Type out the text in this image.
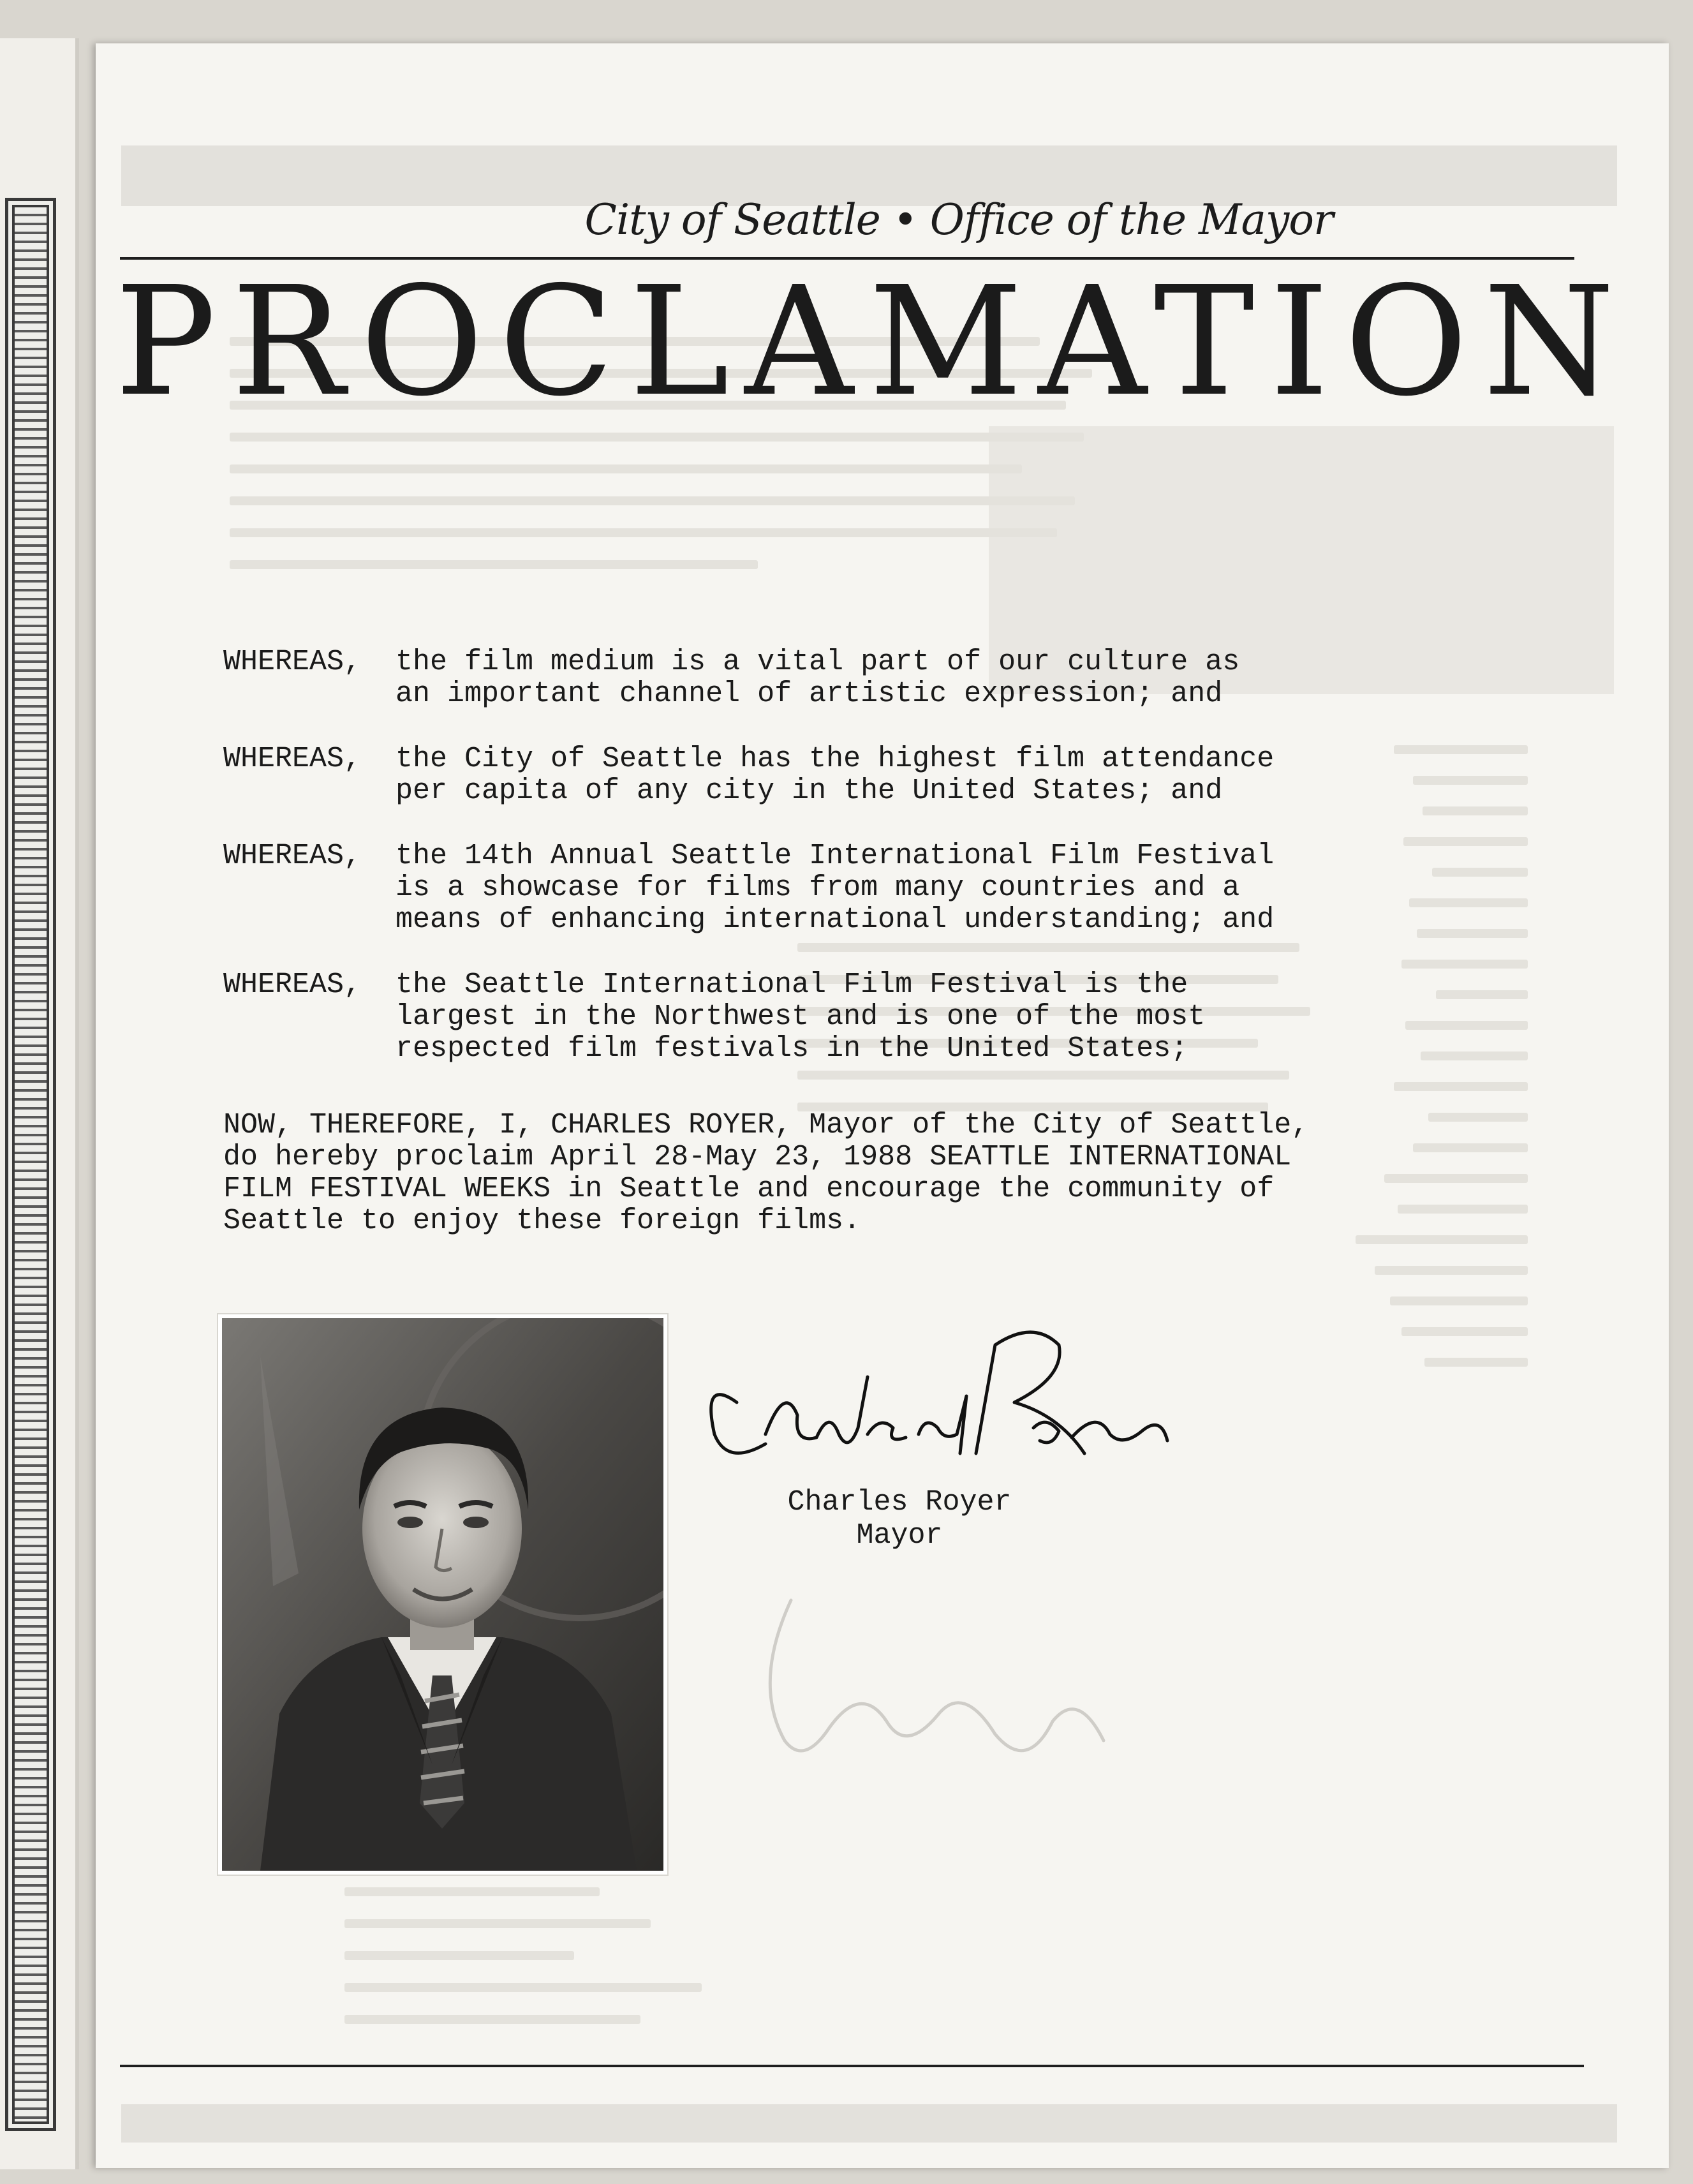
City of Seattle • Office of the Mayor
PROCLAMATION
WHEREAS,	the film medium is a vital part of our culture as
an important channel of artistic expression; and
WHEREAS,	the City of Seattle has the highest film attendance
per capita of any city in the United States; and
WHEREAS,	the 14th Annual Seattle International Film Festival
is a showcase for films from many countries and a
means of enhancing international understanding; and
WHEREAS,	the Seattle International Film Festival is the
largest in the Northwest and is one of the most
respected film festivals in the United States;
NOW, THEREFORE, I, CHARLES ROYER, Mayor of the City of Seattle,
do hereby proclaim April 28-May 23, 1988 SEATTLE INTERNATIONAL
FILM FESTIVAL WEEKS in Seattle and encourage the community of
Seattle to enjoy these foreign films.
Charles Royer
Mayor
